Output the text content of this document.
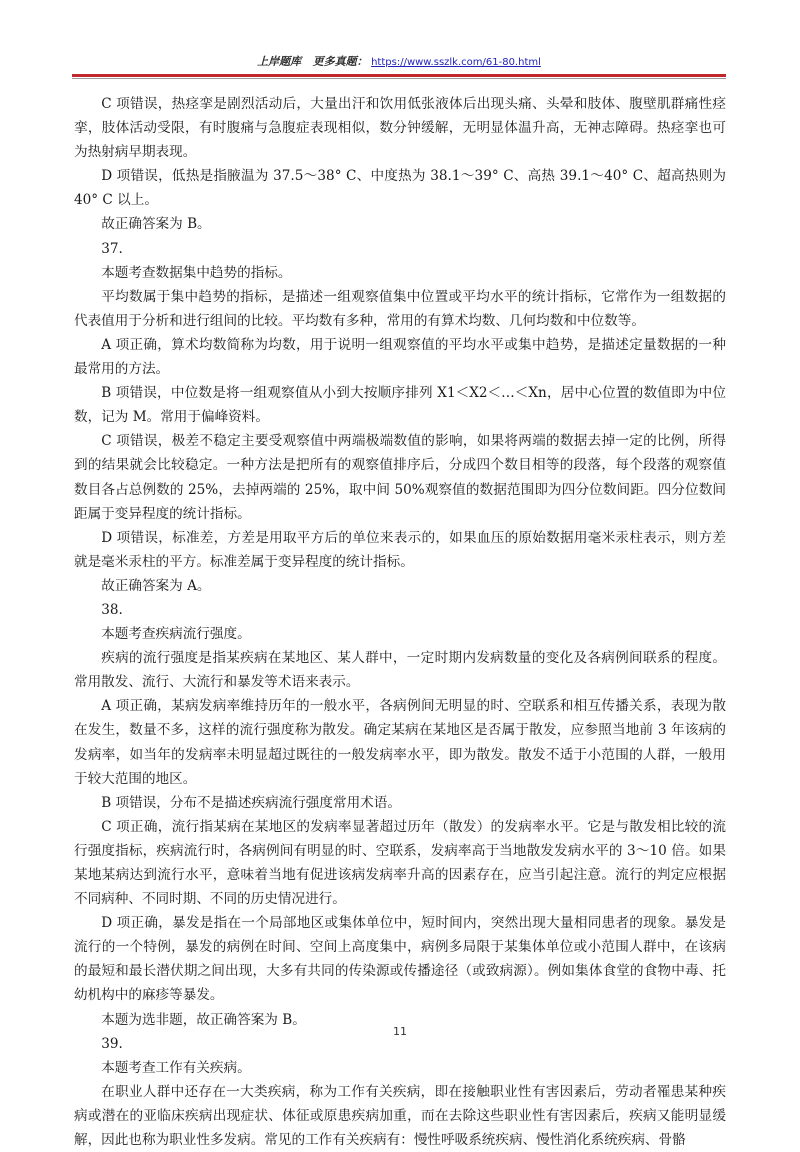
上岸题库 更多真题： https://www.sszlk.com/61-80.html

C 项错误，热痉挛是剧烈活动后，大量出汗和饮用低张液体后出现头痛、头晕和肢体、腹壁肌群痛性痉挛，肢体活动受限，有时腹痛与急腹症表现相似，数分钟缓解，无明显体温升高，无神志障碍。热痉挛也可为热射病早期表现。

D 项错误，低热是指腋温为 37.5～38° C、中度热为 38.1～39° C、高热 39.1～40° C、超高热则为 40° C 以上。

故正确答案为 B。

37.

本题考查数据集中趋势的指标。

平均数属于集中趋势的指标，是描述一组观察值集中位置或平均水平的统计指标，它常作为一组数据的代表值用于分析和进行组间的比较。平均数有多种，常用的有算术均数、几何均数和中位数等。

A 项正确，算术均数简称为均数，用于说明一组观察值的平均水平或集中趋势，是描述定量数据的一种最常用的方法。

B 项错误，中位数是将一组观察值从小到大按顺序排列 X1＜X2＜…＜Xn，居中心位置的数值即为中位数，记为 M。常用于偏峰资料。

C 项错误，极差不稳定主要受观察值中两端极端数值的影响，如果将两端的数据去掉一定的比例，所得到的结果就会比较稳定。一种方法是把所有的观察值排序后，分成四个数目相等的段落，每个段落的观察值数目各占总例数的 25%，去掉两端的 25%，取中间 50%观察值的数据范围即为四分位数间距。四分位数间距属于变异程度的统计指标。

D 项错误，标准差，方差是用取平方后的单位来表示的，如果血压的原始数据用毫米汞柱表示，则方差就是毫米汞柱的平方。标准差属于变异程度的统计指标。

故正确答案为 A。

38.

本题考查疾病流行强度。

疾病的流行强度是指某疾病在某地区、某人群中，一定时期内发病数量的变化及各病例间联系的程度。常用散发、流行、大流行和暴发等术语来表示。

A 项正确，某病发病率维持历年的一般水平，各病例间无明显的时、空联系和相互传播关系，表现为散在发生，数量不多，这样的流行强度称为散发。确定某病在某地区是否属于散发，应参照当地前 3 年该病的发病率，如当年的发病率未明显超过既往的一般发病率水平，即为散发。散发不适于小范围的人群，一般用于较大范围的地区。

B 项错误，分布不是描述疾病流行强度常用术语。

C 项正确，流行指某病在某地区的发病率显著超过历年（散发）的发病率水平。它是与散发相比较的流行强度指标，疾病流行时，各病例间有明显的时、空联系，发病率高于当地散发发病水平的 3～10 倍。如果某地某病达到流行水平，意味着当地有促进该病发病率升高的因素存在，应当引起注意。流行的判定应根据不同病种、不同时期、不同的历史情况进行。

D 项正确，暴发是指在一个局部地区或集体单位中，短时间内，突然出现大量相同患者的现象。暴发是流行的一个特例，暴发的病例在时间、空间上高度集中，病例多局限于某集体单位或小范围人群中，在该病的最短和最长潜伏期之间出现，大多有共同的传染源或传播途径（或致病源）。例如集体食堂的食物中毒、托幼机构中的麻疹等暴发。

本题为选非题，故正确答案为 B。

39.

本题考查工作有关疾病。

在职业人群中还存在一大类疾病，称为工作有关疾病，即在接触职业性有害因素后，劳动者罹患某种疾病或潜在的亚临床疾病出现症状、体征或原患疾病加重，而在去除这些职业性有害因素后，疾病又能明显缓解，因此也称为职业性多发病。常见的工作有关疾病有：慢性呼吸系统疾病、慢性消化系统疾病、骨骼

11
